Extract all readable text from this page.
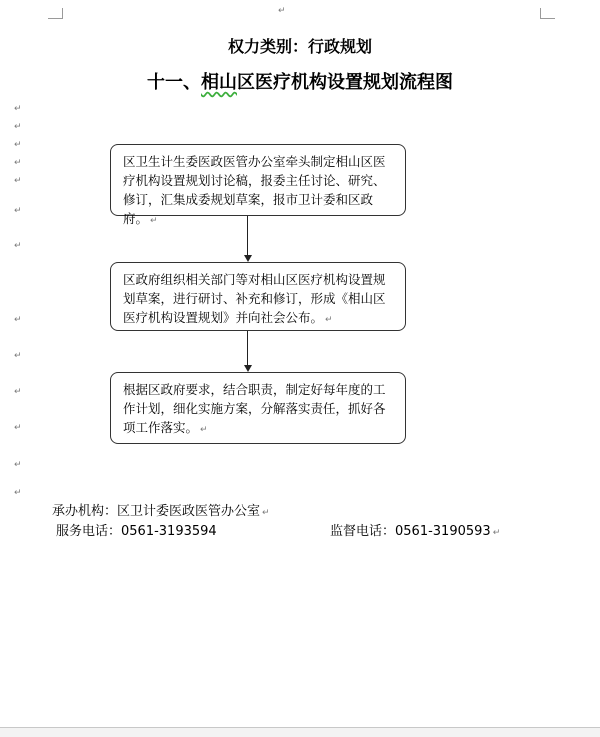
↵
权力类别：行政规划
十一、相山区医疗机构设置规划流程图
↵
↵
↵
↵
↵
↵
↵
↵
↵
↵
↵
↵
↵
区卫生计生委医政医管办公室牵头制定相山区医疗机构设置规划讨论稿，报委主任讨论、研究、修订，汇集成委规划草案，报市卫计委和区政府。 ↵
区政府组织相关部门等对相山区医疗机构设置规划草案，进行研讨、补充和修订，形成《相山区医疗机构设置规划》并向社会公布。 ↵
根据区政府要求，结合职责，制定好每年度的工作计划，细化实施方案，分解落实责任，抓好各项工作落实。 ↵
承办机构：区卫计委医政医管办公室 ↵
服务电话：0561-3193594	监督电话：0561-3190593 ↵
